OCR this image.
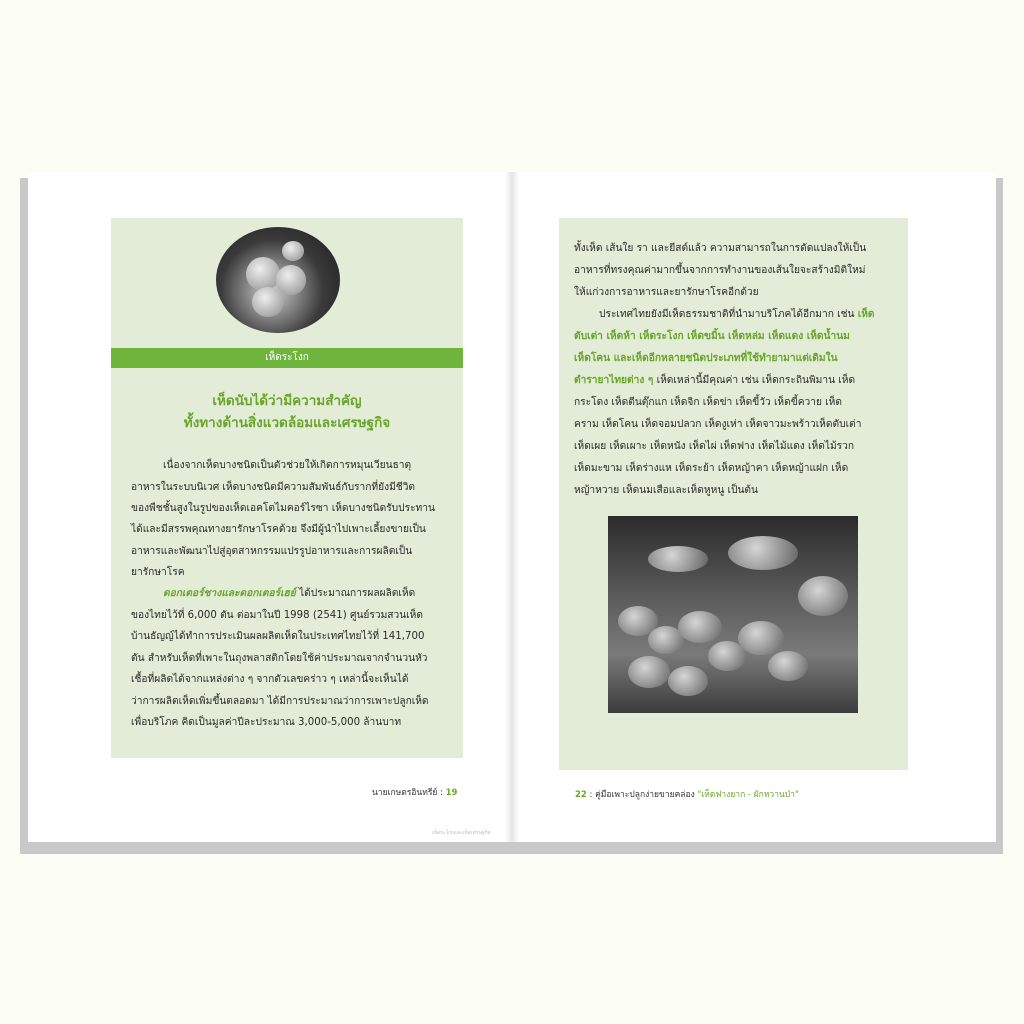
เห็ดระโงก
เห็ดนับได้ว่ามีความสำคัญ
ทั้งทางด้านสิ่งแวดล้อมและเศรษฐกิจ
เนื่องจากเห็ดบางชนิดเป็นตัวช่วยให้เกิดการหมุนเวียนธาตุ
อาหารในระบบนิเวศ เห็ดบางชนิดมีความสัมพันธ์กับรากที่ยังมีชีวิต
ของพืชชั้นสูงในรูปของเห็ดเอคโตไมคอร์ไรซา เห็ดบางชนิดรับประทาน
ได้และมีสรรพคุณทางยารักษาโรคด้วย จึงมีผู้นำไปเพาะเลี้ยงขายเป็น
อาหารและพัฒนาไปสู่อุตสาหกรรมแปรรูปอาหารและการผลิตเป็น
ยารักษาโรค
ดอกเตอร์ชางและดอกเตอร์เฮย์ ได้ประมาณการผลผลิตเห็ด
ของไทยไว้ที่ 6,000 ตัน ต่อมาในปี 1998 (2541) ศูนย์รวมสวนเห็ด
บ้านธัญญ์ได้ทำการประเมินผลผลิตเห็ดในประเทศไทยไว้ที่ 141,700
ตัน สำหรับเห็ดที่เพาะในถุงพลาสติกโดยใช้ค่าประมาณจากจำนวนหัว
เชื้อที่ผลิตได้จากแหล่งต่าง ๆ จากตัวเลขคร่าว ๆ เหล่านี้จะเห็นได้
ว่าการผลิตเห็ดเพิ่มขึ้นตลอดมา ได้มีการประมาณว่าการเพาะปลูกเห็ด
เพื่อบริโภค คิดเป็นมูลค่าปีละประมาณ 3,000-5,000 ล้านบาท
นายเกษตรอินทรีย์ : 19
เห็ดระโงกและเห็ดเศรษฐกิจ
ทั้งเห็ด เส้นใย รา และยีสต์แล้ว ความสามารถในการดัดแปลงให้เป็น
อาหารที่ทรงคุณค่ามากขึ้นจากการทำงานของเส้นใยจะสร้างมิติใหม่
ให้แก่วงการอาหารและยารักษาโรคอีกด้วย
ประเทศไทยยังมีเห็ดธรรมชาติที่นำมาบริโภคได้อีกมาก เช่น เห็ด
ตับเต่า เห็ดห้า เห็ดระโงก เห็ดขมิ้น เห็ดหล่ม เห็ดแดง เห็ดน้ำนม
เห็ดโคน และเห็ดอีกหลายชนิดประเภทที่ใช้ทำยามาแต่เดิมใน
ตำรายาไทยต่าง ๆ เห็ดเหล่านี้มีคุณค่า เช่น เห็ดกระถินพิมาน เห็ด
กระโดง เห็ดตีนตุ๊กแก เห็ดจิก เห็ดข่า เห็ดขี้วัว เห็ดขี้ควาย เห็ด
คราม เห็ดโคน เห็ดจอมปลวก เห็ดงูเห่า เห็ดจาวมะพร้าวเห็ดตับเต่า
เห็ดเผย เห็ดเผาะ เห็ดหนัง เห็ดไผ่ เห็ดฟาง เห็ดไม้แดง เห็ดไม้รวก
เห็ดมะขาม เห็ดร่างแห เห็ดระย้า เห็ดหญ้าคา เห็ดหญ้าแฝก เห็ด
หญ้าหวาย เห็ดนมเสือและเห็ดหูหนู เป็นต้น
22 : คู่มือเพาะปลูกง่ายขายคล่อง "เห็ดฟางยาก - ผักหวานป่า"
